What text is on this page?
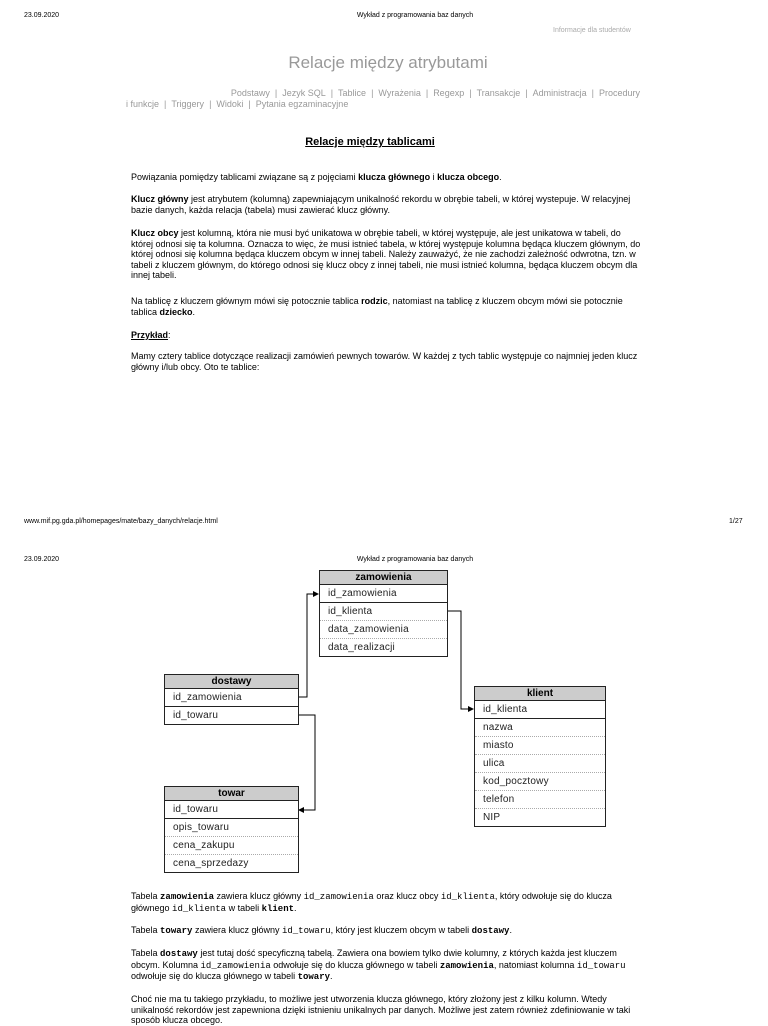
23.09.2020	Wykład z programowania baz danych
Informacje dla studentów
Relacje między atrybutami
Podstawy | Jezyk SQL | Tablice | Wyrażenia | Regexp | Transakcje | Administracja | Procedury
i funkcje | Triggery | Widoki | Pytania egzaminacyjne
Relacje między tablicami
Powiązania pomiędzy tablicami związane są z pojęciami klucza głównego i klucza obcego.
Klucz główny jest atrybutem (kolumną) zapewniającym unikalność rekordu w obrębie tabeli, w której wystepuje. W relacyjnej bazie danych, każda relacja (tabela) musi zawierać klucz główny.
Klucz obcy jest kolumną, która nie musi być unikatowa w obrębie tabeli, w której występuje, ale jest unikatowa w tabeli, do której odnosi się ta kolumna. Oznacza to więc, że musi istnieć tabela, w której występuje kolumna będąca kluczem głównym, do której odnosi się kolumna będąca kluczem obcym w innej tabeli. Należy zauważyć, że nie zachodzi zależność odwrotna, tzn. w tabeli z kluczem głównym, do którego odnosi się klucz obcy z innej tabeli, nie musi istnieć kolumna, będąca kluczem obcym dla innej tabeli.
Na tablicę z kluczem głównym mówi się potocznie tablica rodzic, natomiast na tablicę z kluczem obcym mówi sie potocznie tablica dziecko.
Przykład:
Mamy cztery tablice dotyczące realizacji zamówień pewnych towarów. W każdej z tych tablic występuje co najmniej jeden klucz główny i/lub obcy. Oto te tablice:
www.mif.pg.gda.pl/homepages/mate/bazy_danych/relacje.html	1/27
23.09.2020	Wykład z programowania baz danych
zamowienia
id_zamowienia
id_klienta
data_zamowienia
data_realizacji
dostawy
id_zamowienia
id_towaru
klient
id_klienta
nazwa
miasto
ulica
kod_pocztowy
telefon
NIP
towar
id_towaru
opis_towaru
cena_zakupu
cena_sprzedazy
Tabela zamowienia zawiera klucz główny id_zamowienia oraz klucz obcy id_klienta, który odwołuje się do klucza głównego id_klienta w tabeli klient.
Tabela towary zawiera klucz główny id_towaru, który jest kluczem obcym w tabeli dostawy.
Tabela dostawy jest tutaj dość specyficzną tabelą. Zawiera ona bowiem tylko dwie kolumny, z których każda jest kluczem obcym. Kolumna id_zamowienia odwołuje się do klucza głównego w tabeli zamowienia, natomiast kolumna id_towaru odwołuje się do klucza głównego w tabeli towary.
Choć nie ma tu takiego przykładu, to możliwe jest utworzenia klucza głównego, który złożony jest z kilku kolumn. Wtedy unikalność rekordów jest zapewniona dzięki istnieniu unikalnych par danych. Możliwe jest zatem również zdefiniowanie w taki sposób klucza obcego.
